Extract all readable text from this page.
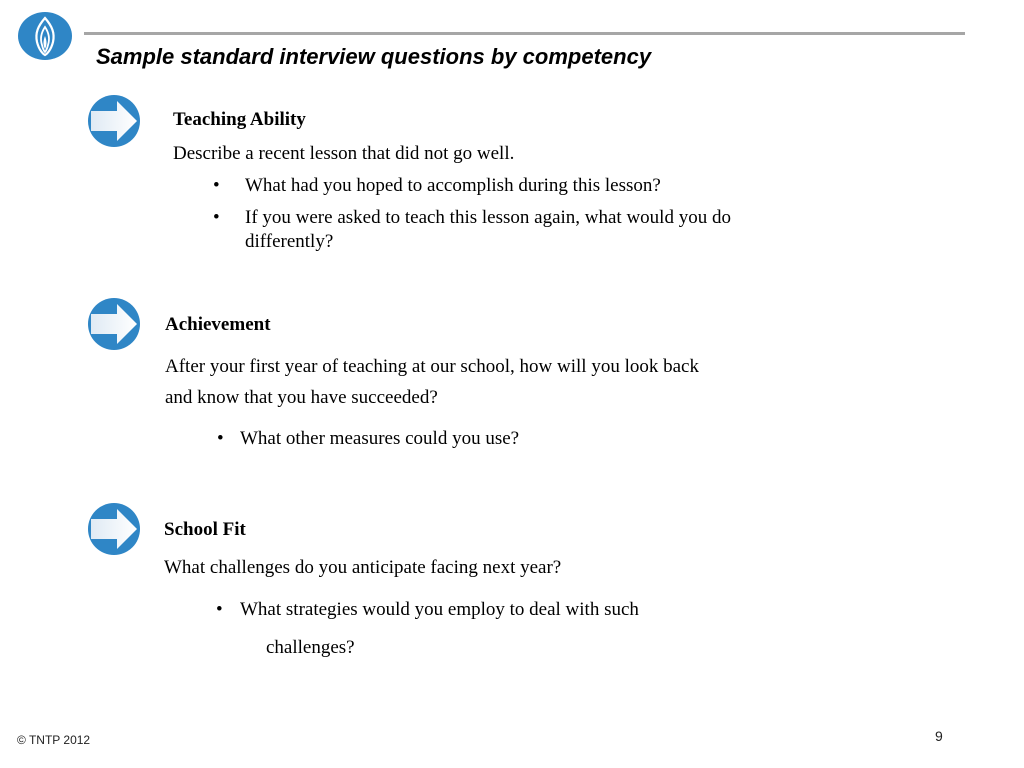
Sample standard interview questions by competency

Teaching Ability

Describe a recent lesson that did not go well.

• What had you hoped to accomplish during this lesson?
• If you were asked to teach this lesson again, what would you do
differently?

Achievement

After your first year of teaching at our school, how will you look back
and know that you have succeeded?

• What other measures could you use?

School Fit

What challenges do you anticipate facing next year?

• What strategies would you employ to deal with such
challenges?
© TNTP 2012	9
